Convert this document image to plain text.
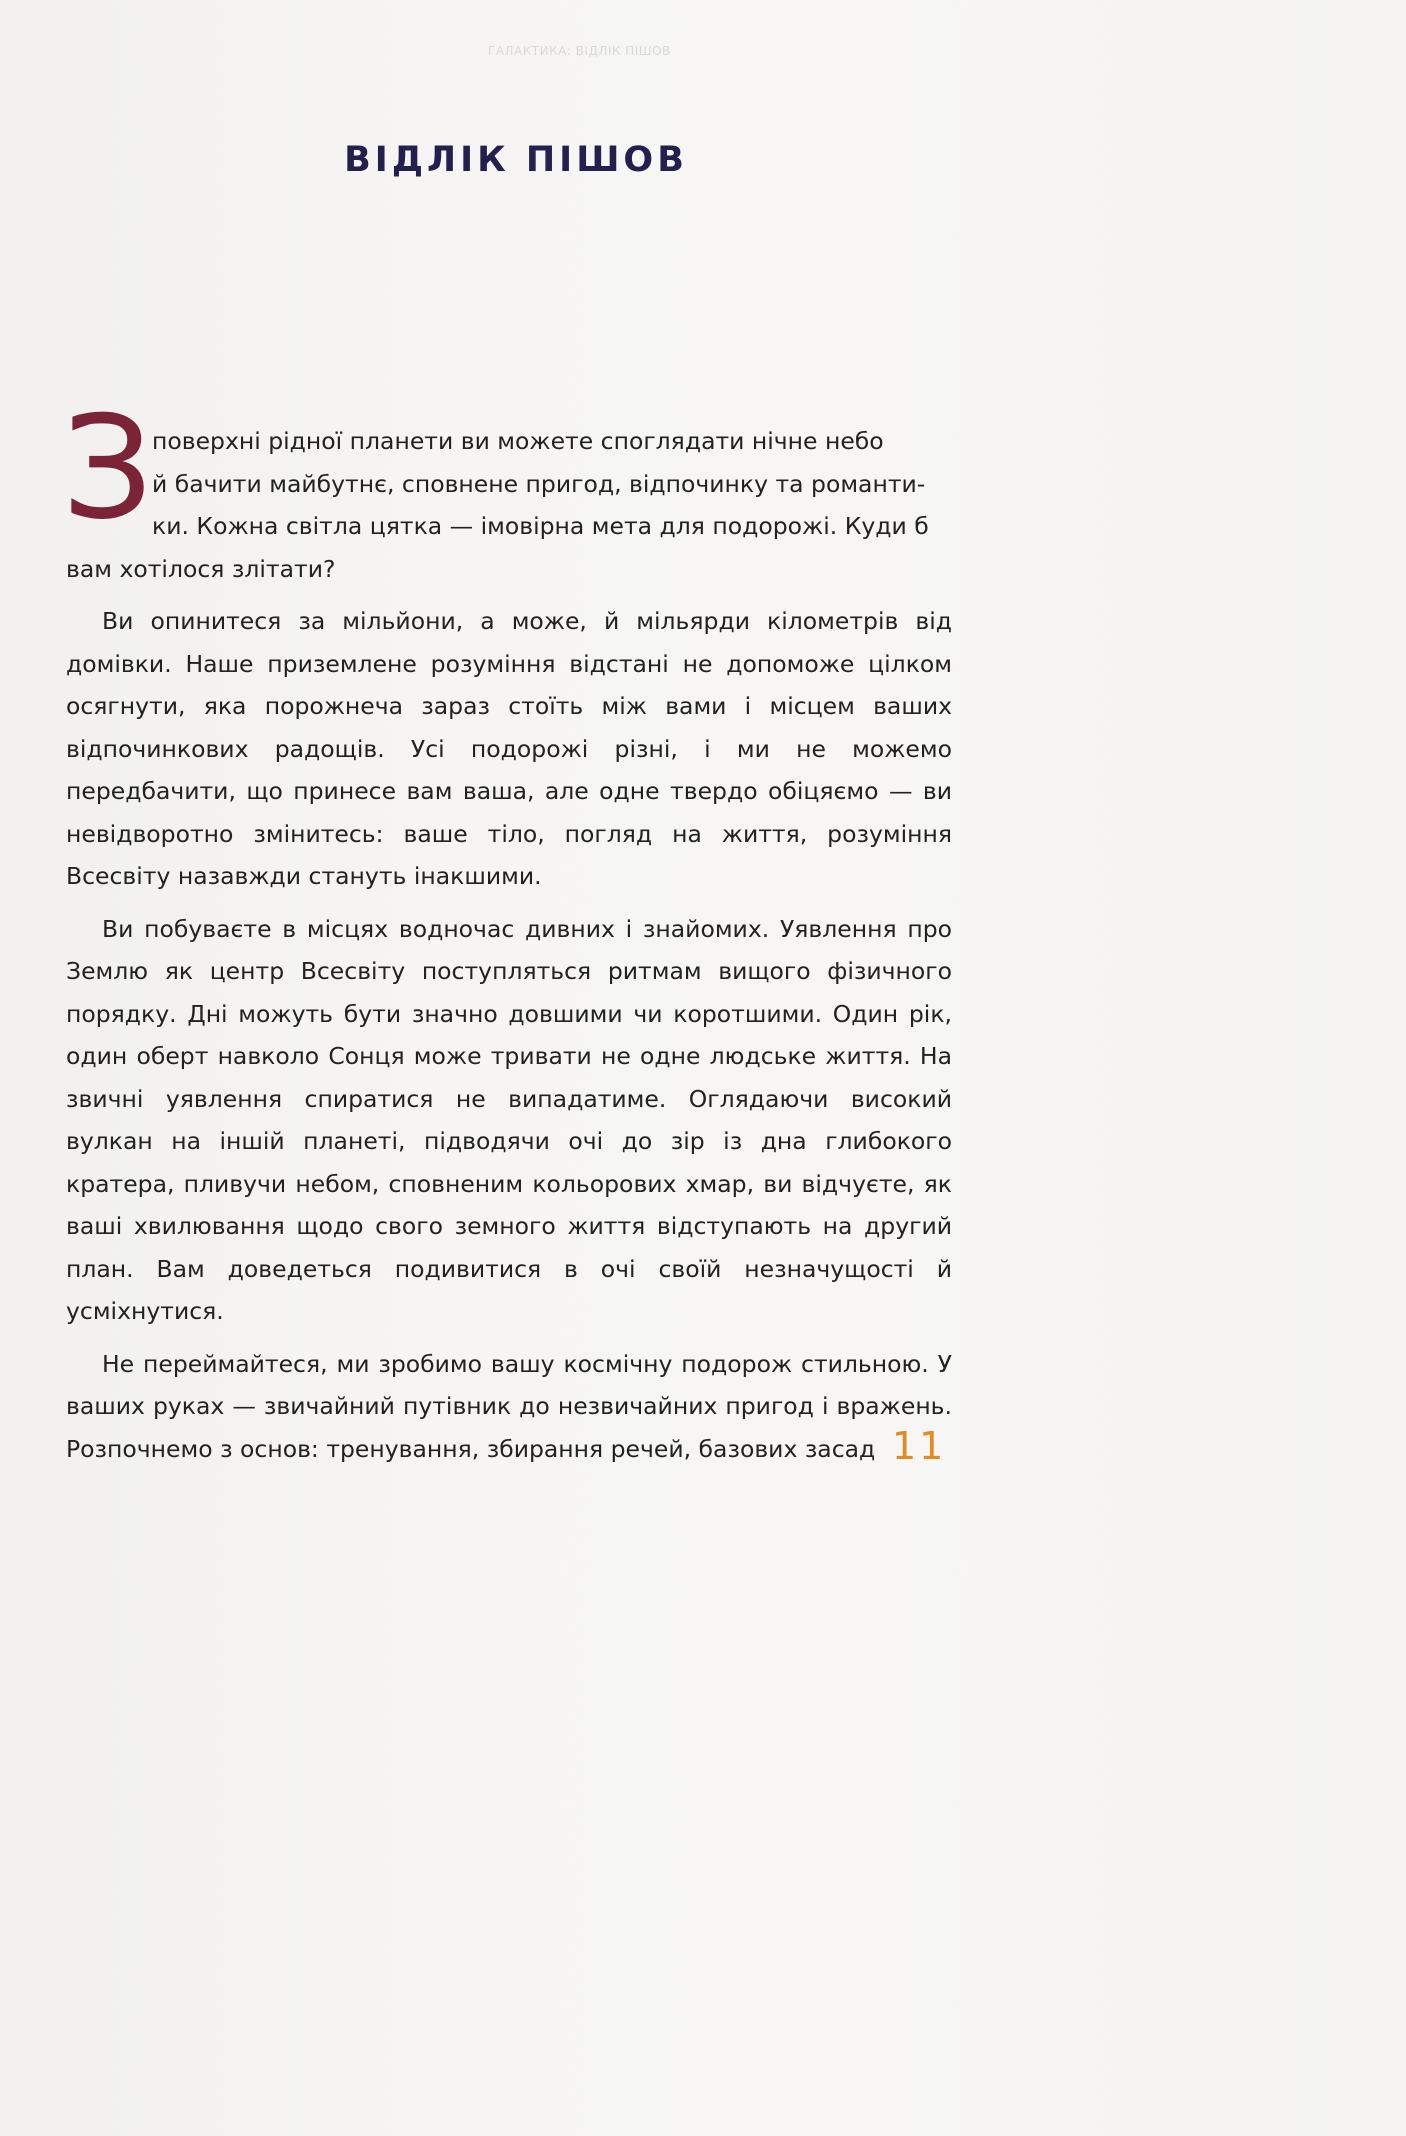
ГАЛАКТИКА: ВІДЛІК ПІШОВ
ВІДЛІК ПІШОВ

З
поверхні рідної планети ви можете споглядати нічне небо
й бачити майбутнє, сповнене пригод, відпочинку та романти-
ки. Кожна світла цятка — імовірна мета для подорожі. Куди б

вам хотілося злітати?

Ви опинитеся за мільйони, а може, й мільярди кілометрів від домівки. Наше приземлене розуміння відстані не допоможе цілком осягнути, яка порожнеча зараз стоїть між вами і місцем ваших відпочинкових радощів. Усі подорожі різні, і ми не можемо передбачити, що принесе вам ваша, але одне твердо обіцяємо — ви невідворотно змінитесь: ваше тіло, погляд на життя, розуміння Всесвіту назавжди стануть інакшими.

Ви побуваєте в місцях водночас дивних і знайомих. Уявлення про Землю як центр Всесвіту поступляться ритмам вищого фізичного порядку. Дні можуть бути значно довшими чи коротшими. Один рік, один оберт навколо Сонця може тривати не одне людське життя. На звичні уявлення спиратися не випадатиме. Оглядаючи високий вулкан на іншій планеті, підводячи очі до зір із дна глибокого кратера, пливучи небом, сповненим кольорових хмар, ви відчуєте, як ваші хвилювання щодо свого земного життя відступають на другий план. Вам доведеться подивитися в очі своїй незначущості й усміхнутися.

Не переймайтеся, ми зробимо вашу космічну подорож стильною. У ваших руках — звичайний путівник до незвичайних пригод і вражень. Розпочнемо з основ: тренування, збирання речей, базових засад 11
